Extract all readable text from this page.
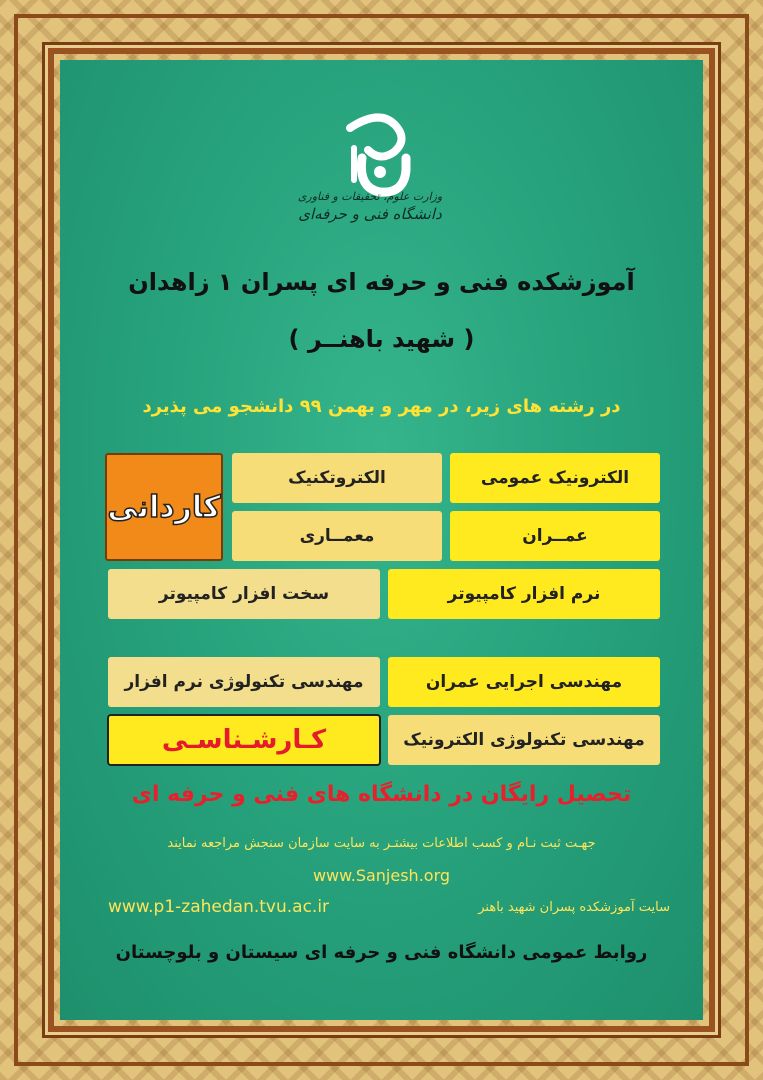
وزارت علوم، تحقیقات و فناوری
دانشگاه فنی و حرفه‌ای
آموزشکده فنی و حرفه ای پسران ۱ زاهدان
( شهید باهنــر )
در رشته های زیر، در مهر و بهمن ۹۹ دانشجو می پذیرد
کاردانی
الکترونیک عمومی
الکتروتکنیک
عمــران
معمــاری
نرم افزار کامپیوتر
سخت افزار کامپیوتر
مهندسی اجرایی عمران
مهندسی تکنولوژی نرم افزار
مهندسی تکنولوژی الکترونیک
کـارشـناسـی
تحصیل رایگان در دانشگاه های فنی و حرفه ای
جهـت ثبت نـام و کسب اطلاعات بیشتـر به سایت سازمان سنجش مراجعه نمایند
www.Sanjesh.org
سایت آموزشکده پسران شهید باهنر
www.p1-zahedan.tvu.ac.ir
روابط عمومی دانشگاه فنی و حرفه ای سیستان و بلوچستان
